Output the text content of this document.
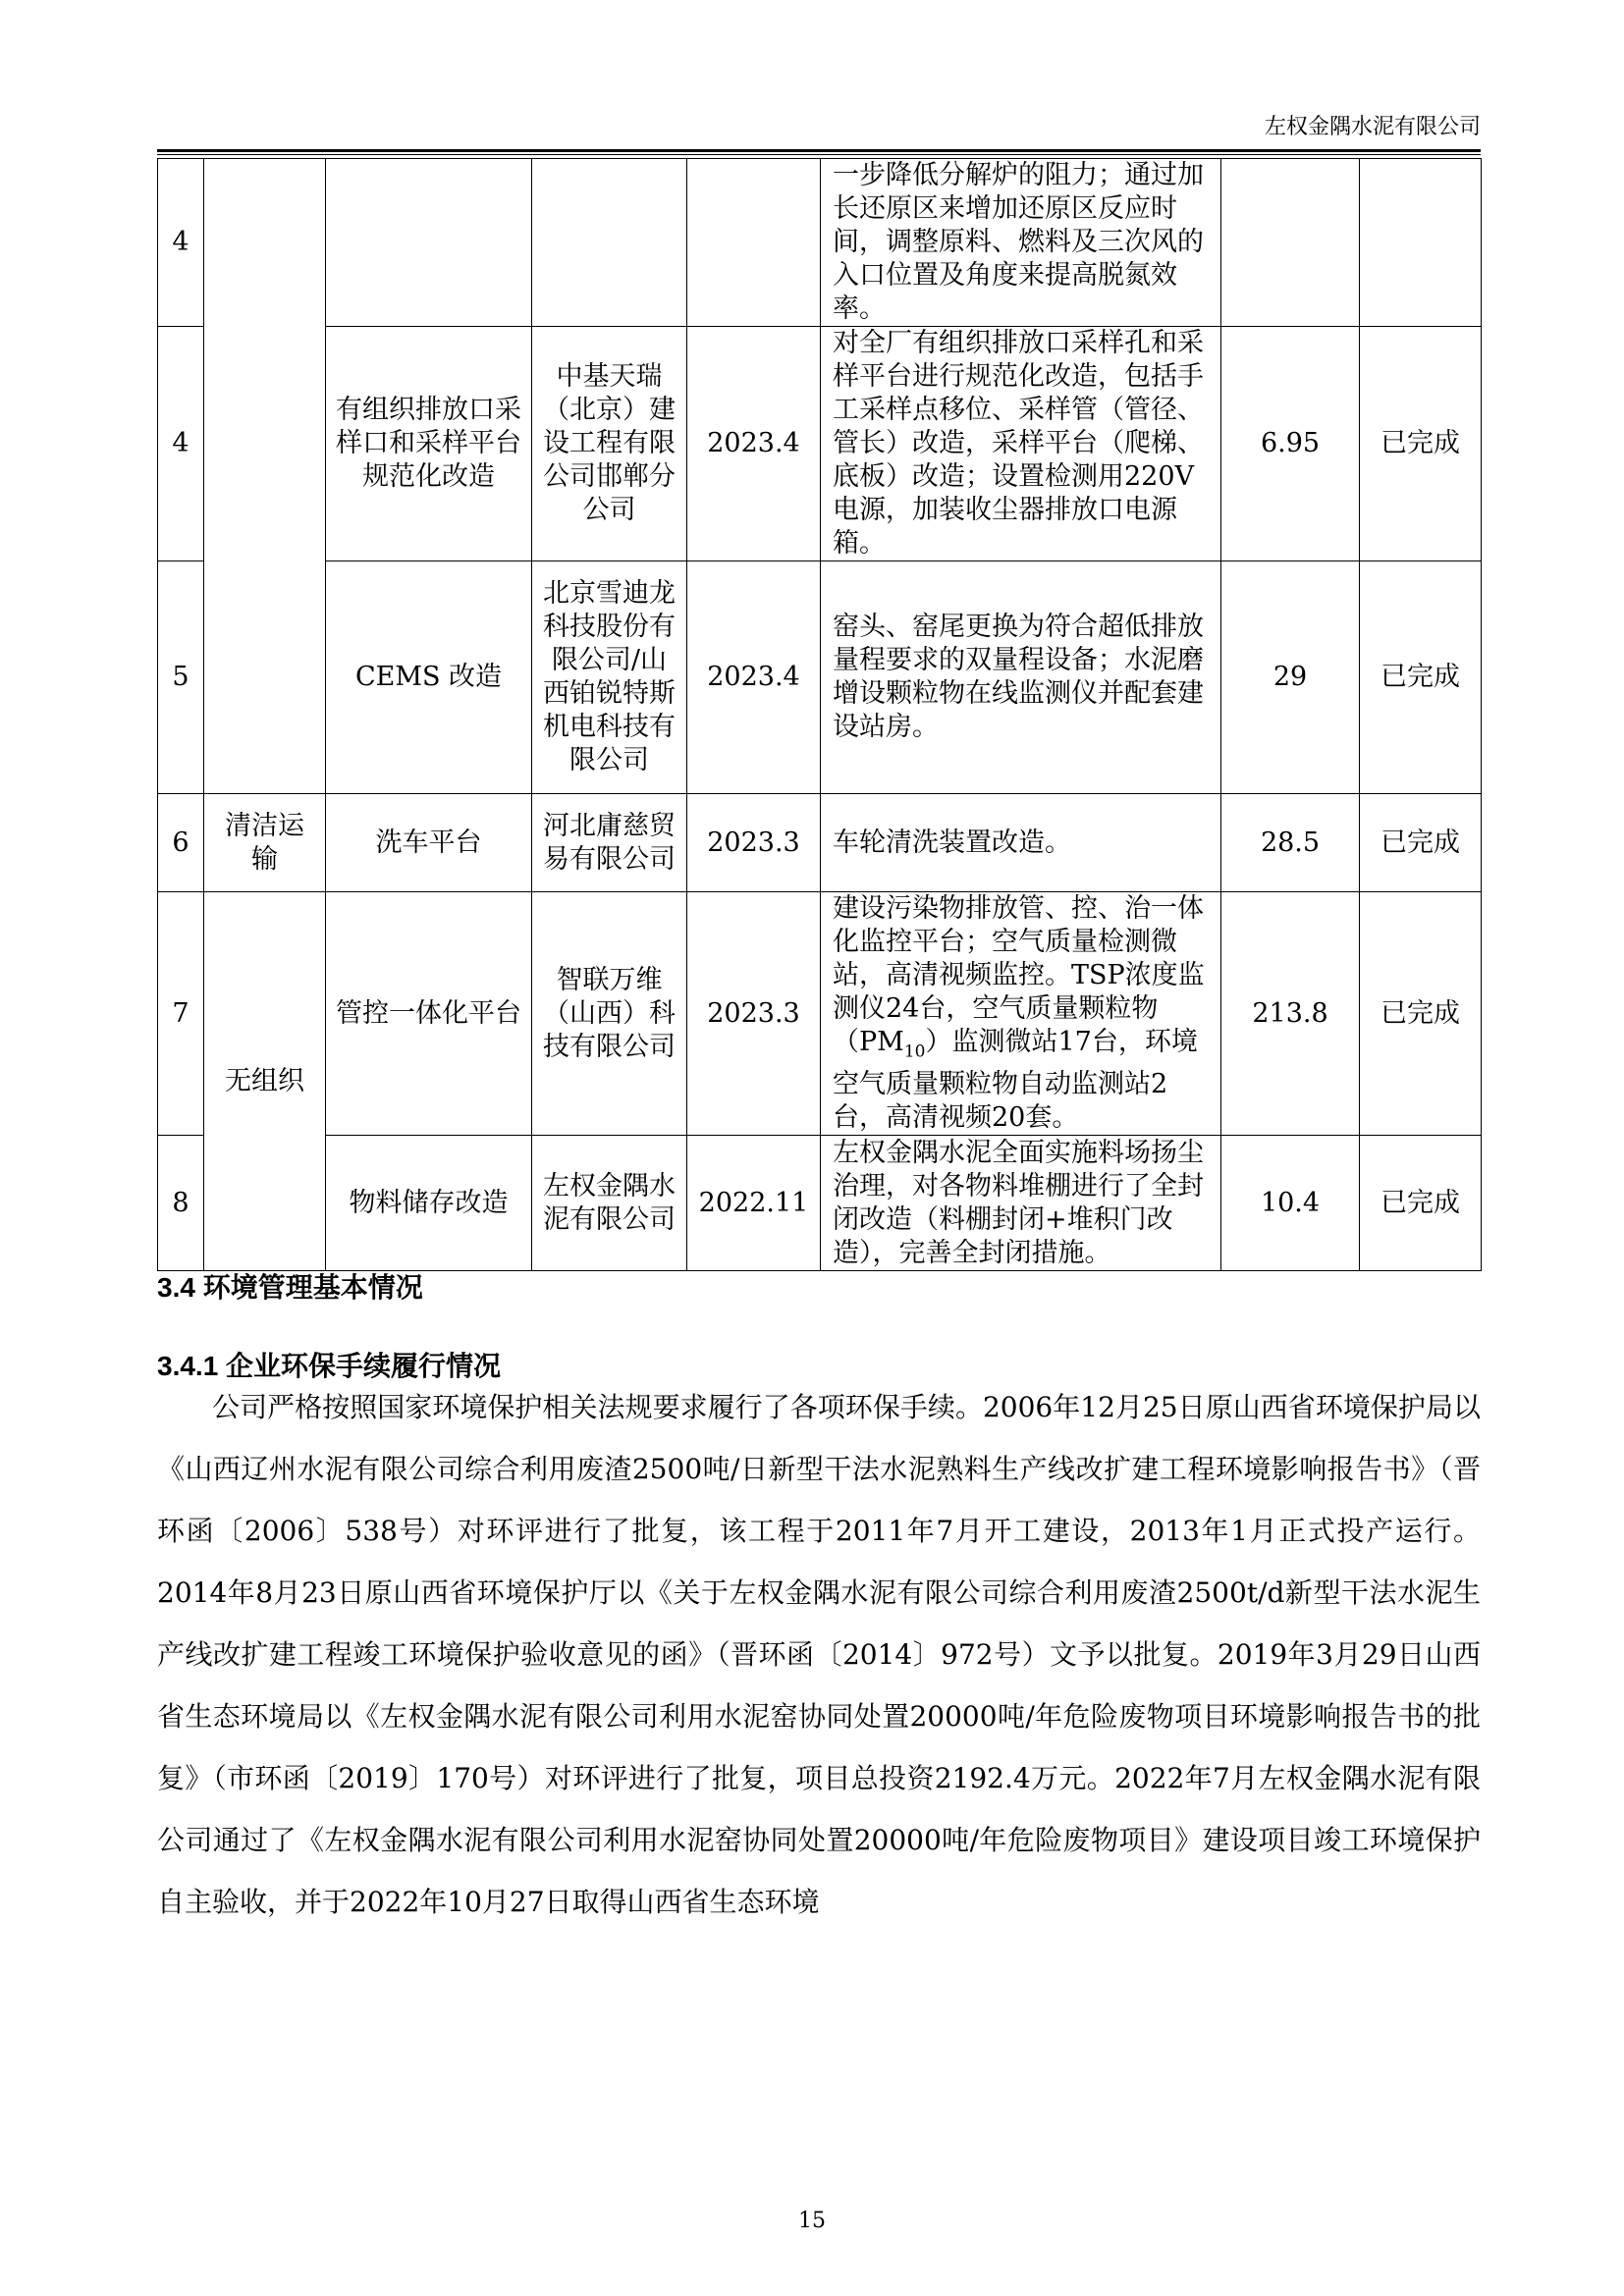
左权金隅水泥有限公司
4					一步降低分解炉的阻力；通过加长还原区来增加还原区反应时间，调整原料、燃料及三次风的入口位置及角度来提高脱氮效率。		
4		有组织排放口采样口和采样平台规范化改造	中基天瑞（北京）建设工程有限公司邯郸分公司	2023.4	对全厂有组织排放口采样孔和采样平台进行规范化改造，包括手工采样点移位、采样管（管径、管长）改造，采样平台（爬梯、底板）改造；设置检测用220V电源，加装收尘器排放口电源箱。	6.95	已完成
5		CEMS 改造	北京雪迪龙科技股份有限公司/山西铂锐特斯机电科技有限公司	2023.4	窑头、窑尾更换为符合超低排放量程要求的双量程设备；水泥磨增设颗粒物在线监测仪并配套建设站房。	29	已完成
6	清洁运输	洗车平台	河北庸慈贸易有限公司	2023.3	车轮清洗装置改造。	28.5	已完成
7	无组织	管控一体化平台	智联万维（山西）科技有限公司	2023.3	建设污染物排放管、控、治一体化监控平台；空气质量检测微站，高清视频监控。TSP浓度监测仪24台，空气质量颗粒物$(PM_{10})$监测微站17台，环境空气质量颗粒物自动监测站2台，高清视频20套。	213.8	已完成
8		物料储存改造	左权金隅水泥有限公司	2022.11	左权金隅水泥全面实施料场扬尘治理，对各物料堆棚进行了全封闭改造（料棚封闭+堆积门改造），完善全封闭措施。	10.4	已完成
3.4 环境管理基本情况
3.4.1 企业环保手续履行情况
公司严格按照国家环境保护相关法规要求履行了各项环保手续。2006年12月25日原山西省环境保护局以《山西辽州水泥有限公司综合利用废渣2500吨/日新型干法水泥熟料生产线改扩建工程环境影响报告书》（晋环函〔2006〕538号）对环评进行了批复，该工程于2011年7月开工建设，2013年1月正式投产运行。2014年8月23日原山西省环境保护厅以《关于左权金隅水泥有限公司综合利用废渣2500t/d新型干法水泥生产线改扩建工程竣工环境保护验收意见的函》（晋环函〔2014〕972号）文予以批复。2019年3月29日山西省生态环境局以《左权金隅水泥有限公司利用水泥窑协同处置20000吨/年危险废物项目环境影响报告书的批复》（市环函〔2019〕170号）对环评进行了批复，项目总投资2192.4万元。2022年7月左权金隅水泥有限公司通过了《左权金隅水泥有限公司利用水泥窑协同处置20000吨/年危险废物项目》建设项目竣工环境保护自主验收，并于2022年10月27日取得山西省生态环境
15
